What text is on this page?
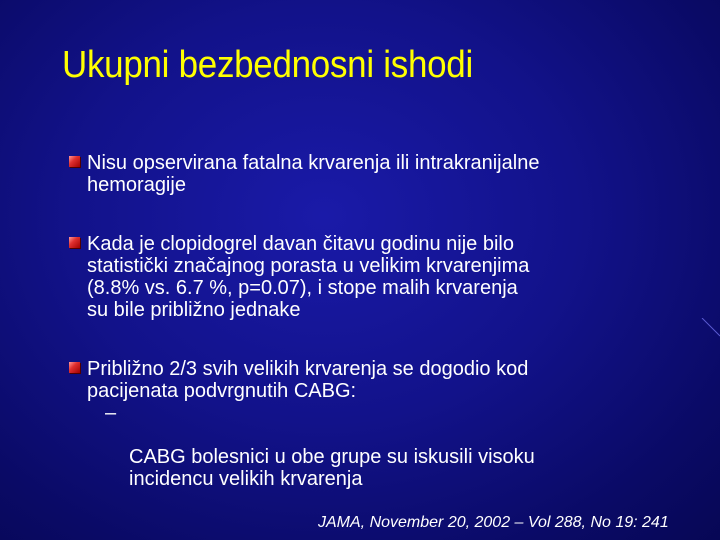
Ukupni bezbednosni ishodi
Nisu opservirana fatalna krvarenja ili intrakranijalne
hemoragije
Kada je clopidogrel davan čitavu godinu nije bilo
statistički značajnog porasta u velikim krvarenjima
(8.8% vs. 6.7 %, p=0.07), i stope malih krvarenja
su bile približno jednake
Približno 2/3 svih velikih krvarenja se dogodio kod
pacijenata podvrgnutih CABG:

–

CABG bolesnici u obe grupe su iskusili visoku
incidencu velikih krvarenja

JAMA, November 20, 2002 – Vol 288, No 19: 241
